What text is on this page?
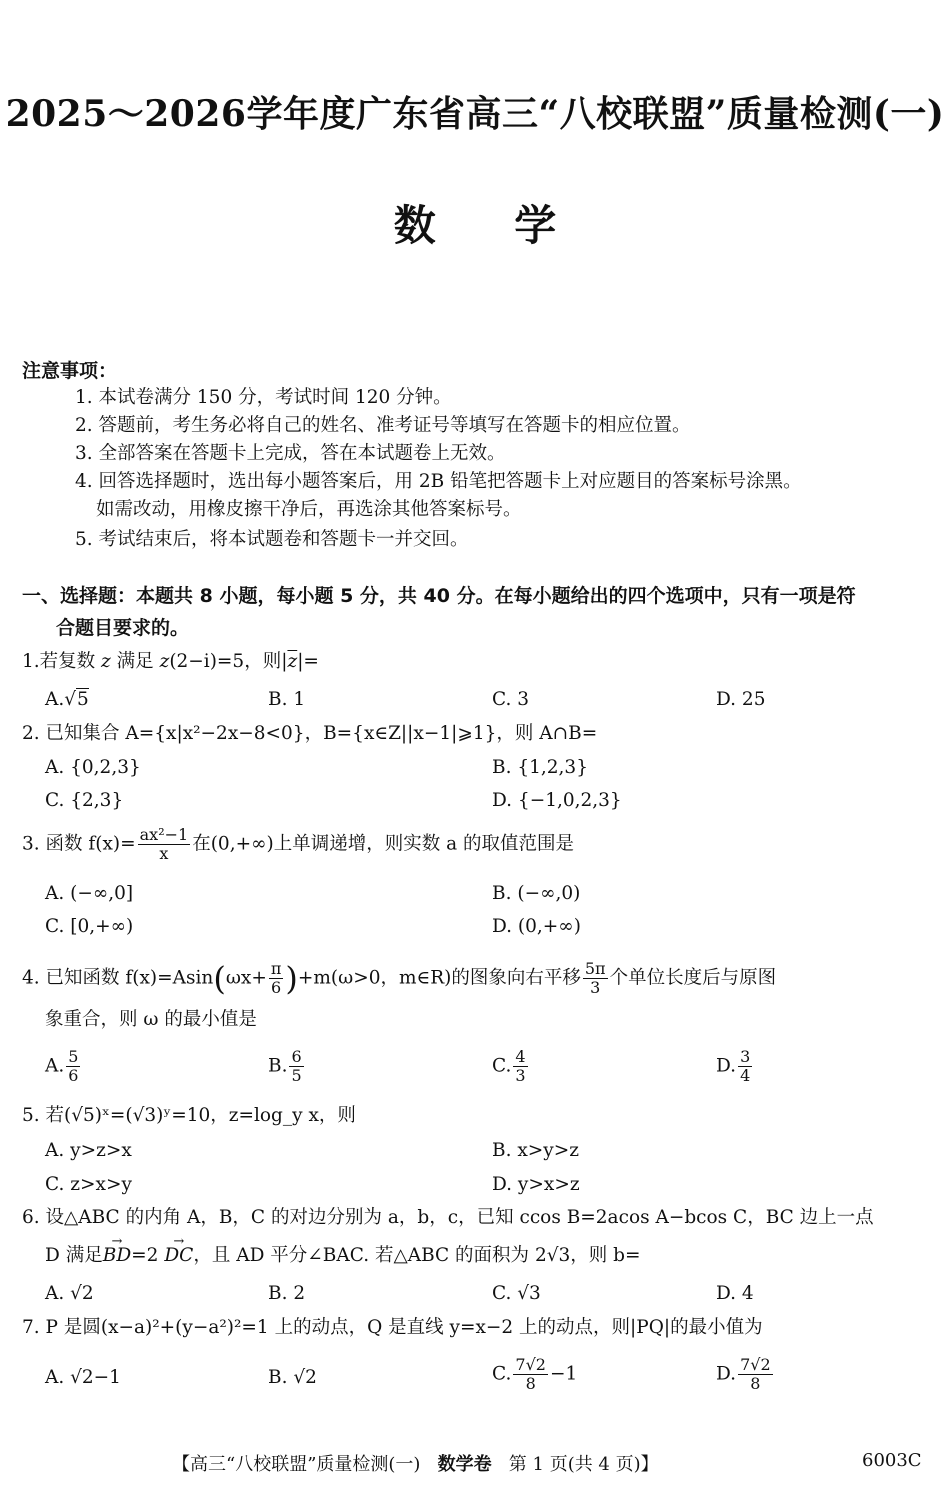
2025～2026学年度广东省高三“八校联盟”质量检测(一)
数 学
注意事项：
1. 本试卷满分 150 分，考试时间 120 分钟。
2. 答题前，考生务必将自己的姓名、准考证号等填写在答题卡的相应位置。
3. 全部答案在答题卡上完成，答在本试题卷上无效。
4. 回答选择题时，选出每小题答案后，用 2B 铅笔把答题卡上对应题目的答案标号涂黑。
如需改动，用橡皮擦干净后，再选涂其他答案标号。
5. 考试结束后，将本试题卷和答题卡一并交回。
一、选择题：本题共 8 小题，每小题 5 分，共 40 分。在每小题给出的四个选项中，只有一项是符
合题目要求的。
1.若复数 z 满足 z(2−i)=5，则$|\overline{z}|=$
A.√5	B. 1	C. 3	D. 25
2. 已知集合 A={x|x²−2x−8<0}，B={x∈Z||x−1|⩾1}，则 A∩B=
A. {0,2,3}	B. {1,2,3}
C. {2,3}	D. {−1,0,2,3}
3. 函数 $f(x)= \frac{\text{ax²−1}}{x}$ 在(0,+∞)上单调递增，则实数 a 的取值范围是
A. (−∞,0]	B. (−∞,0)
C. [0,+∞)	D. (0,+∞)
4. 已知函数 $f(x)=Asin(\omega x+ \frac{\pi}{6} )+m(\omega>0$，m∈R)的图象向右平移 $\frac{5\pi}{3}$ 个单位长度后与原图
象重合，则 ω 的最小值是
A. $\frac{5}{6}$	B. $\frac{6}{5}$	C. $\frac{4}{3}$	D. $\frac{3}{4}$
5. 若(√5)ˣ=(√3)ʸ=10，z=log_y x，则
A. y>z>x	B. x>y>z
C. z>x>y	D. y>x>z
6. 设△ABC 的内角 A，B，C 的对边分别为 a，b，c，已知 ccos B=2acos A−bcos C，BC 边上一点
D 满足→ BD=2 → DC，且 AD 平分∠BAC. 若△ABC 的面积为 2√3，则 b=
A. √2	B. 2	C. √3	D. 4
7. P 是圆(x−a)²+(y−a²)²=1 上的动点，Q 是直线 y=x−2 上的动点，则|PQ|的最小值为
A. √2−1	B. √2	C. $\frac{7√2}{8} -1$	D. $\frac{7√2}{8}$
【高三“八校联盟”质量检测(一) 数学卷 第 1 页(共 4 页)】	6003C
